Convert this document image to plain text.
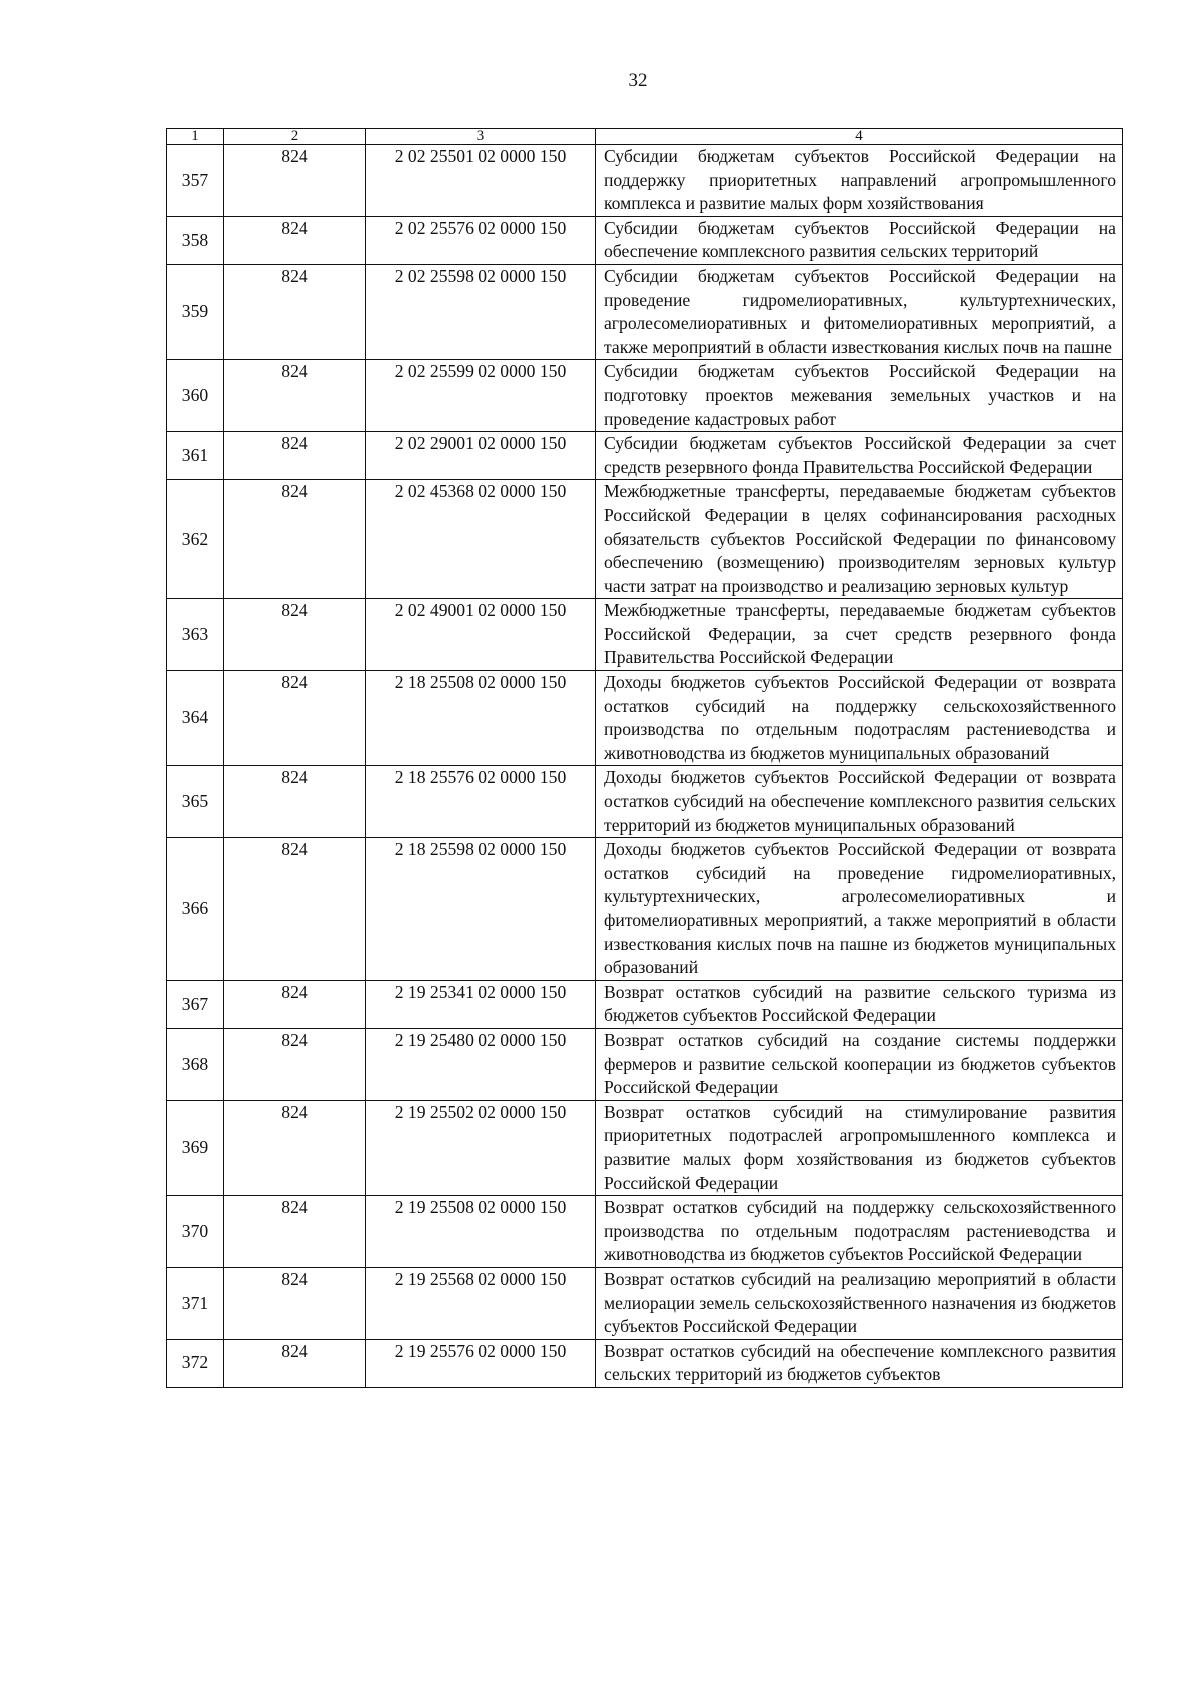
32
1	2	3	4
357	824	2 02 25501 02 0000 150	Субсидии бюджетам субъектов Российской Федерации на поддержку приоритетных направлений агропромышленного комплекса и развитие малых форм хозяйствования
358	824	2 02 25576 02 0000 150	Субсидии бюджетам субъектов Российской Федерации на обеспечение комплексного развития сельских территорий
359	824	2 02 25598 02 0000 150	Субсидии бюджетам субъектов Российской Федерации на проведение гидромелиоративных, культуртехнических, агролесомелиоративных и фитомелиоративных мероприятий, а также мероприятий в области известкования кислых почв на пашне
360	824	2 02 25599 02 0000 150	Субсидии бюджетам субъектов Российской Федерации на подготовку проектов межевания земельных участков и на проведение кадастровых работ
361	824	2 02 29001 02 0000 150	Субсидии бюджетам субъектов Российской Федерации за счет средств резервного фонда Правительства Российской Федерации
362	824	2 02 45368 02 0000 150	Межбюджетные трансферты, передаваемые бюджетам субъектов Российской Федерации в целях софинансирования расходных обязательств субъектов Российской Федерации по финансовому обеспечению (возмещению) производителям зерновых культур части затрат на производство и реализацию зерновых культур
363	824	2 02 49001 02 0000 150	Межбюджетные трансферты, передаваемые бюджетам субъектов Российской Федерации, за счет средств резервного фонда Правительства Российской Федерации
364	824	2 18 25508 02 0000 150	Доходы бюджетов субъектов Российской Федерации от возврата остатков субсидий на поддержку сельскохозяйственного производства по отдельным подотраслям растениеводства и животноводства из бюджетов муниципальных образований
365	824	2 18 25576 02 0000 150	Доходы бюджетов субъектов Российской Федерации от возврата остатков субсидий на обеспечение комплексного развития сельских территорий из бюджетов муниципальных образований
366	824	2 18 25598 02 0000 150	Доходы бюджетов субъектов Российской Федерации от возврата остатков субсидий на проведение гидромелиоративных, культуртехнических, агролесомелиоративных и фитомелиоративных мероприятий, а также мероприятий в области известкования кислых почв на пашне из бюджетов муниципальных образований
367	824	2 19 25341 02 0000 150	Возврат остатков субсидий на развитие сельского туризма из бюджетов субъектов Российской Федерации
368	824	2 19 25480 02 0000 150	Возврат остатков субсидий на создание системы поддержки фермеров и развитие сельской кооперации из бюджетов субъектов Российской Федерации
369	824	2 19 25502 02 0000 150	Возврат остатков субсидий на стимулирование развития приоритетных подотраслей агропромышленного комплекса и развитие малых форм хозяйствования из бюджетов субъектов Российской Федерации
370	824	2 19 25508 02 0000 150	Возврат остатков субсидий на поддержку сельскохозяйственного производства по отдельным подотраслям растениеводства и животноводства из бюджетов субъектов Российской Федерации
371	824	2 19 25568 02 0000 150	Возврат остатков субсидий на реализацию мероприятий в области мелиорации земель сельскохозяйственного назначения из бюджетов субъектов Российской Федерации
372	824	2 19 25576 02 0000 150	Возврат остатков субсидий на обеспечение комплексного развития сельских территорий из бюджетов субъектов
